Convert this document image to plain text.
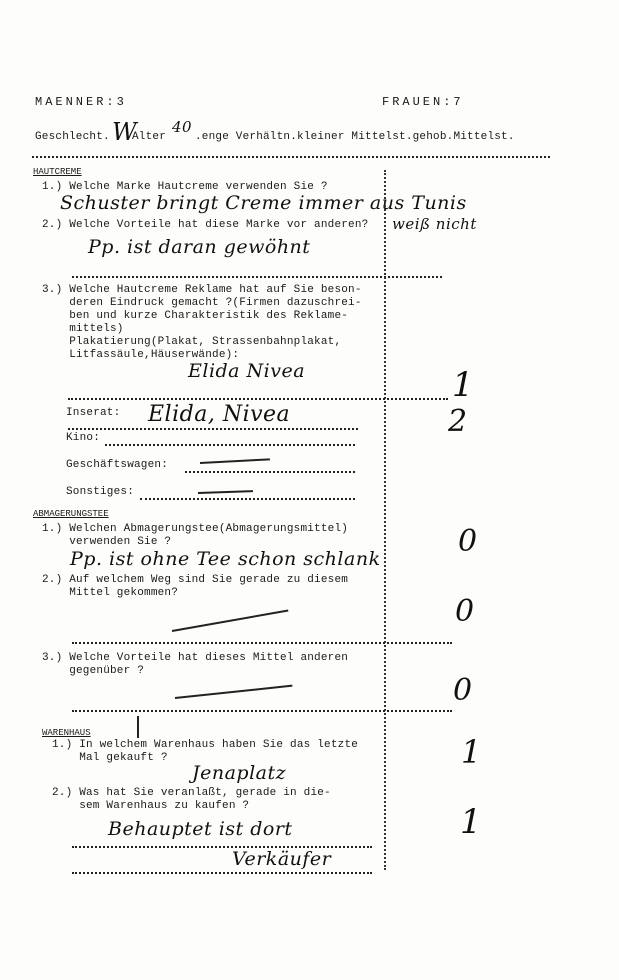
MAENNER:3	FRAUEN:7
Geschlecht. W
Alter
40
.enge Verhältn.kleiner Mittelst.gehob.Mittelst.
HAUTCREME
1.) Welche Marke Hautcreme verwenden Sie ?
Schuster bringt Creme immer aus Tunis
2.) Welche Vorteile hat diese Marke vor anderen? weiß nicht
Pp. ist daran gewöhnt
3.) Welche Hautcreme Reklame hat auf Sie beson-
deren Eindruck gemacht ?(Firmen dazuschrei-
ben und kurze Charakteristik des Reklame-
mittels)
Plakatierung(Plakat, Strassenbahnplakat,
Litfassäule,Häuserwände):
Elida Nivea
Inserat: Elida, Nivea
Kino:
Geschäftswagen:
Sonstiges:
ABMAGERUNGSTEE
1.) Welchen Abmagerungstee(Abmagerungsmittel)
verwenden Sie ?
Pp. ist ohne Tee schon schlank
2.) Auf welchem Weg sind Sie gerade zu diesem
Mittel gekommen?
3.) Welche Vorteile hat dieses Mittel anderen
gegenüber ?
WARENHAUS
1.) In welchem Warenhaus haben Sie das letzte
Mal gekauft ?
Jenaplatz
2.) Was hat Sie veranlaßt, gerade in die-
sem Warenhaus zu kaufen ?
Behauptet ist dort
Verkäufer
1
2
0
0
0
1
1
